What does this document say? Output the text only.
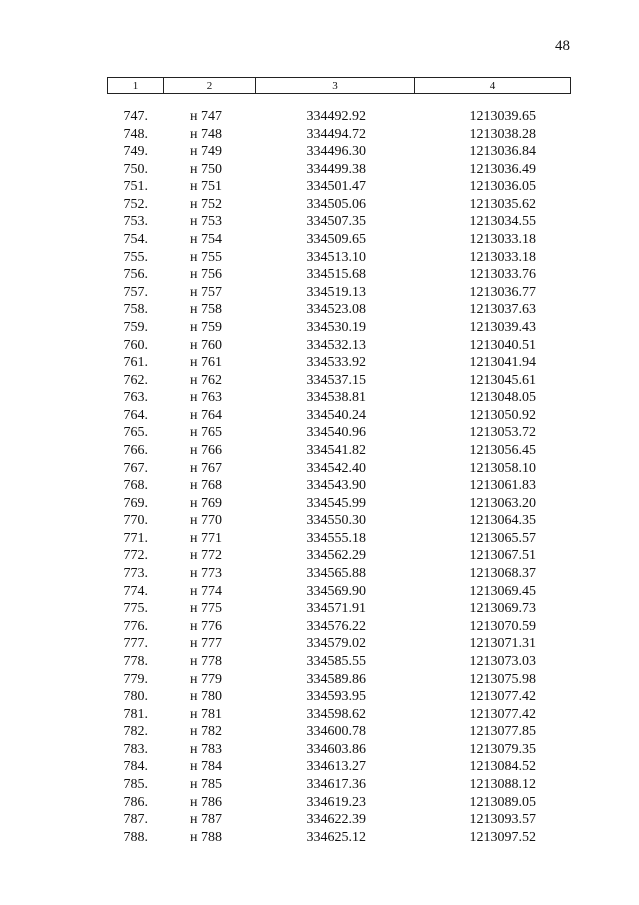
48
1	2	3	4
747.	н 747	334492.92	1213039.65
748.	н 748	334494.72	1213038.28
749.	н 749	334496.30	1213036.84
750.	н 750	334499.38	1213036.49
751.	н 751	334501.47	1213036.05
752.	н 752	334505.06	1213035.62
753.	н 753	334507.35	1213034.55
754.	н 754	334509.65	1213033.18
755.	н 755	334513.10	1213033.18
756.	н 756	334515.68	1213033.76
757.	н 757	334519.13	1213036.77
758.	н 758	334523.08	1213037.63
759.	н 759	334530.19	1213039.43
760.	н 760	334532.13	1213040.51
761.	н 761	334533.92	1213041.94
762.	н 762	334537.15	1213045.61
763.	н 763	334538.81	1213048.05
764.	н 764	334540.24	1213050.92
765.	н 765	334540.96	1213053.72
766.	н 766	334541.82	1213056.45
767.	н 767	334542.40	1213058.10
768.	н 768	334543.90	1213061.83
769.	н 769	334545.99	1213063.20
770.	н 770	334550.30	1213064.35
771.	н 771	334555.18	1213065.57
772.	н 772	334562.29	1213067.51
773.	н 773	334565.88	1213068.37
774.	н 774	334569.90	1213069.45
775.	н 775	334571.91	1213069.73
776.	н 776	334576.22	1213070.59
777.	н 777	334579.02	1213071.31
778.	н 778	334585.55	1213073.03
779.	н 779	334589.86	1213075.98
780.	н 780	334593.95	1213077.42
781.	н 781	334598.62	1213077.42
782.	н 782	334600.78	1213077.85
783.	н 783	334603.86	1213079.35
784.	н 784	334613.27	1213084.52
785.	н 785	334617.36	1213088.12
786.	н 786	334619.23	1213089.05
787.	н 787	334622.39	1213093.57
788.	н 788	334625.12	1213097.52
